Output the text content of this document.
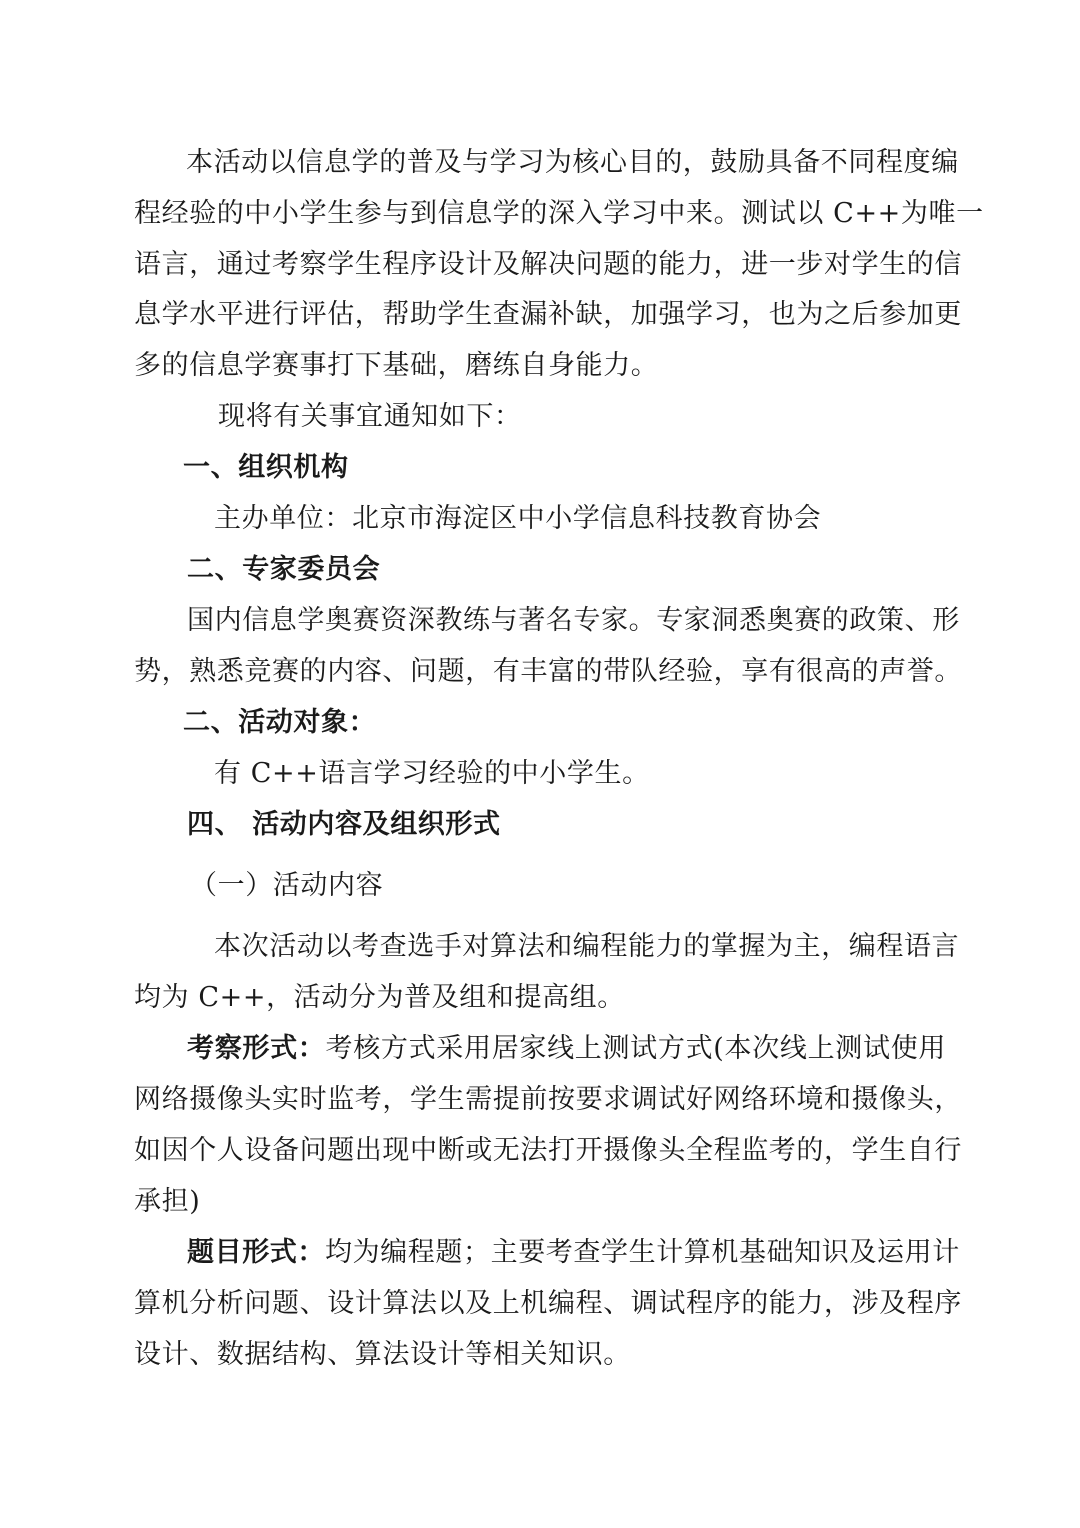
本活动以信息学的普及与学习为核心目的，鼓励具备不同程度编

程经验的中小学生参与到信息学的深入学习中来。测试以 C++为唯一

语言，通过考察学生程序设计及解决问题的能力，进一步对学生的信

息学水平进行评估，帮助学生查漏补缺，加强学习，也为之后参加更

多的信息学赛事打下基础，磨练自身能力。

现将有关事宜通知如下：

一、组织机构

主办单位：北京市海淀区中小学信息科技教育协会

二、专家委员会

国内信息学奥赛资深教练与著名专家。专家洞悉奥赛的政策、形

势，熟悉竞赛的内容、问题，有丰富的带队经验，享有很高的声誉。

二、活动对象：

有 C++语言学习经验的中小学生。

四、 活动内容及组织形式

（一）活动内容

本次活动以考查选手对算法和编程能力的掌握为主，编程语言

均为 C++，活动分为普及组和提高组。

考察形式：考核方式采用居家线上测试方式(本次线上测试使用

网络摄像头实时监考，学生需提前按要求调试好网络环境和摄像头，

如因个人设备问题出现中断或无法打开摄像头全程监考的，学生自行

承担)

题目形式：均为编程题；主要考查学生计算机基础知识及运用计

算机分析问题、设计算法以及上机编程、调试程序的能力，涉及程序

设计、数据结构、算法设计等相关知识。
